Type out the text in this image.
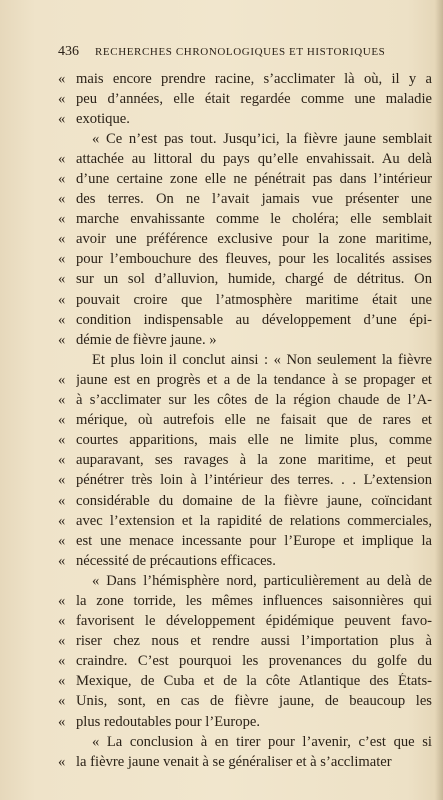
436 RECHERCHES CHRONOLOGIQUES ET HISTORIQUES
« mais encore prendre racine, s’acclimater là où, il y a
« peu d’années, elle était regardée comme une maladie
« exotique.
« Ce n’est pas tout. Jusqu’ici, la fièvre jaune semblait
« attachée au littoral du pays qu’elle envahissait. Au delà
« d’une certaine zone elle ne pénétrait pas dans l’intérieur
« des terres. On ne l’avait jamais vue présenter une
« marche envahissante comme le choléra; elle semblait
« avoir une préférence exclusive pour la zone maritime,
« pour l’embouchure des fleuves, pour les localités assises
« sur un sol d’alluvion, humide, chargé de détritus. On
« pouvait croire que l’atmosphère maritime était une
« condition indispensable au développement d’une épi-
« démie de fièvre jaune. »
Et plus loin il conclut ainsi : « Non seulement la fièvre
« jaune est en progrès et a de la tendance à se propager et
« à s’acclimater sur les côtes de la région chaude de l’A-
« mérique, où autrefois elle ne faisait que de rares et
« courtes apparitions, mais elle ne limite plus, comme
« auparavant, ses ravages à la zone maritime, et peut
« pénétrer très loin à l’intérieur des terres. . . L’extension
« considérable du domaine de la fièvre jaune, coïncidant
« avec l’extension et la rapidité de relations commerciales,
« est une menace incessante pour l’Europe et implique la
« nécessité de précautions efficaces.
« Dans l’hémisphère nord, particulièrement au delà de
« la zone torride, les mêmes influences saisonnières qui
« favorisent le développement épidémique peuvent favo-
« riser chez nous et rendre aussi l’importation plus à
« craindre. C’est pourquoi les provenances du golfe du
« Mexique, de Cuba et de la côte Atlantique des États-
« Unis, sont, en cas de fièvre jaune, de beaucoup les
« plus redoutables pour l’Europe.
« La conclusion à en tirer pour l’avenir, c’est que si
« la fièvre jaune venait à se généraliser et à s’acclimater
